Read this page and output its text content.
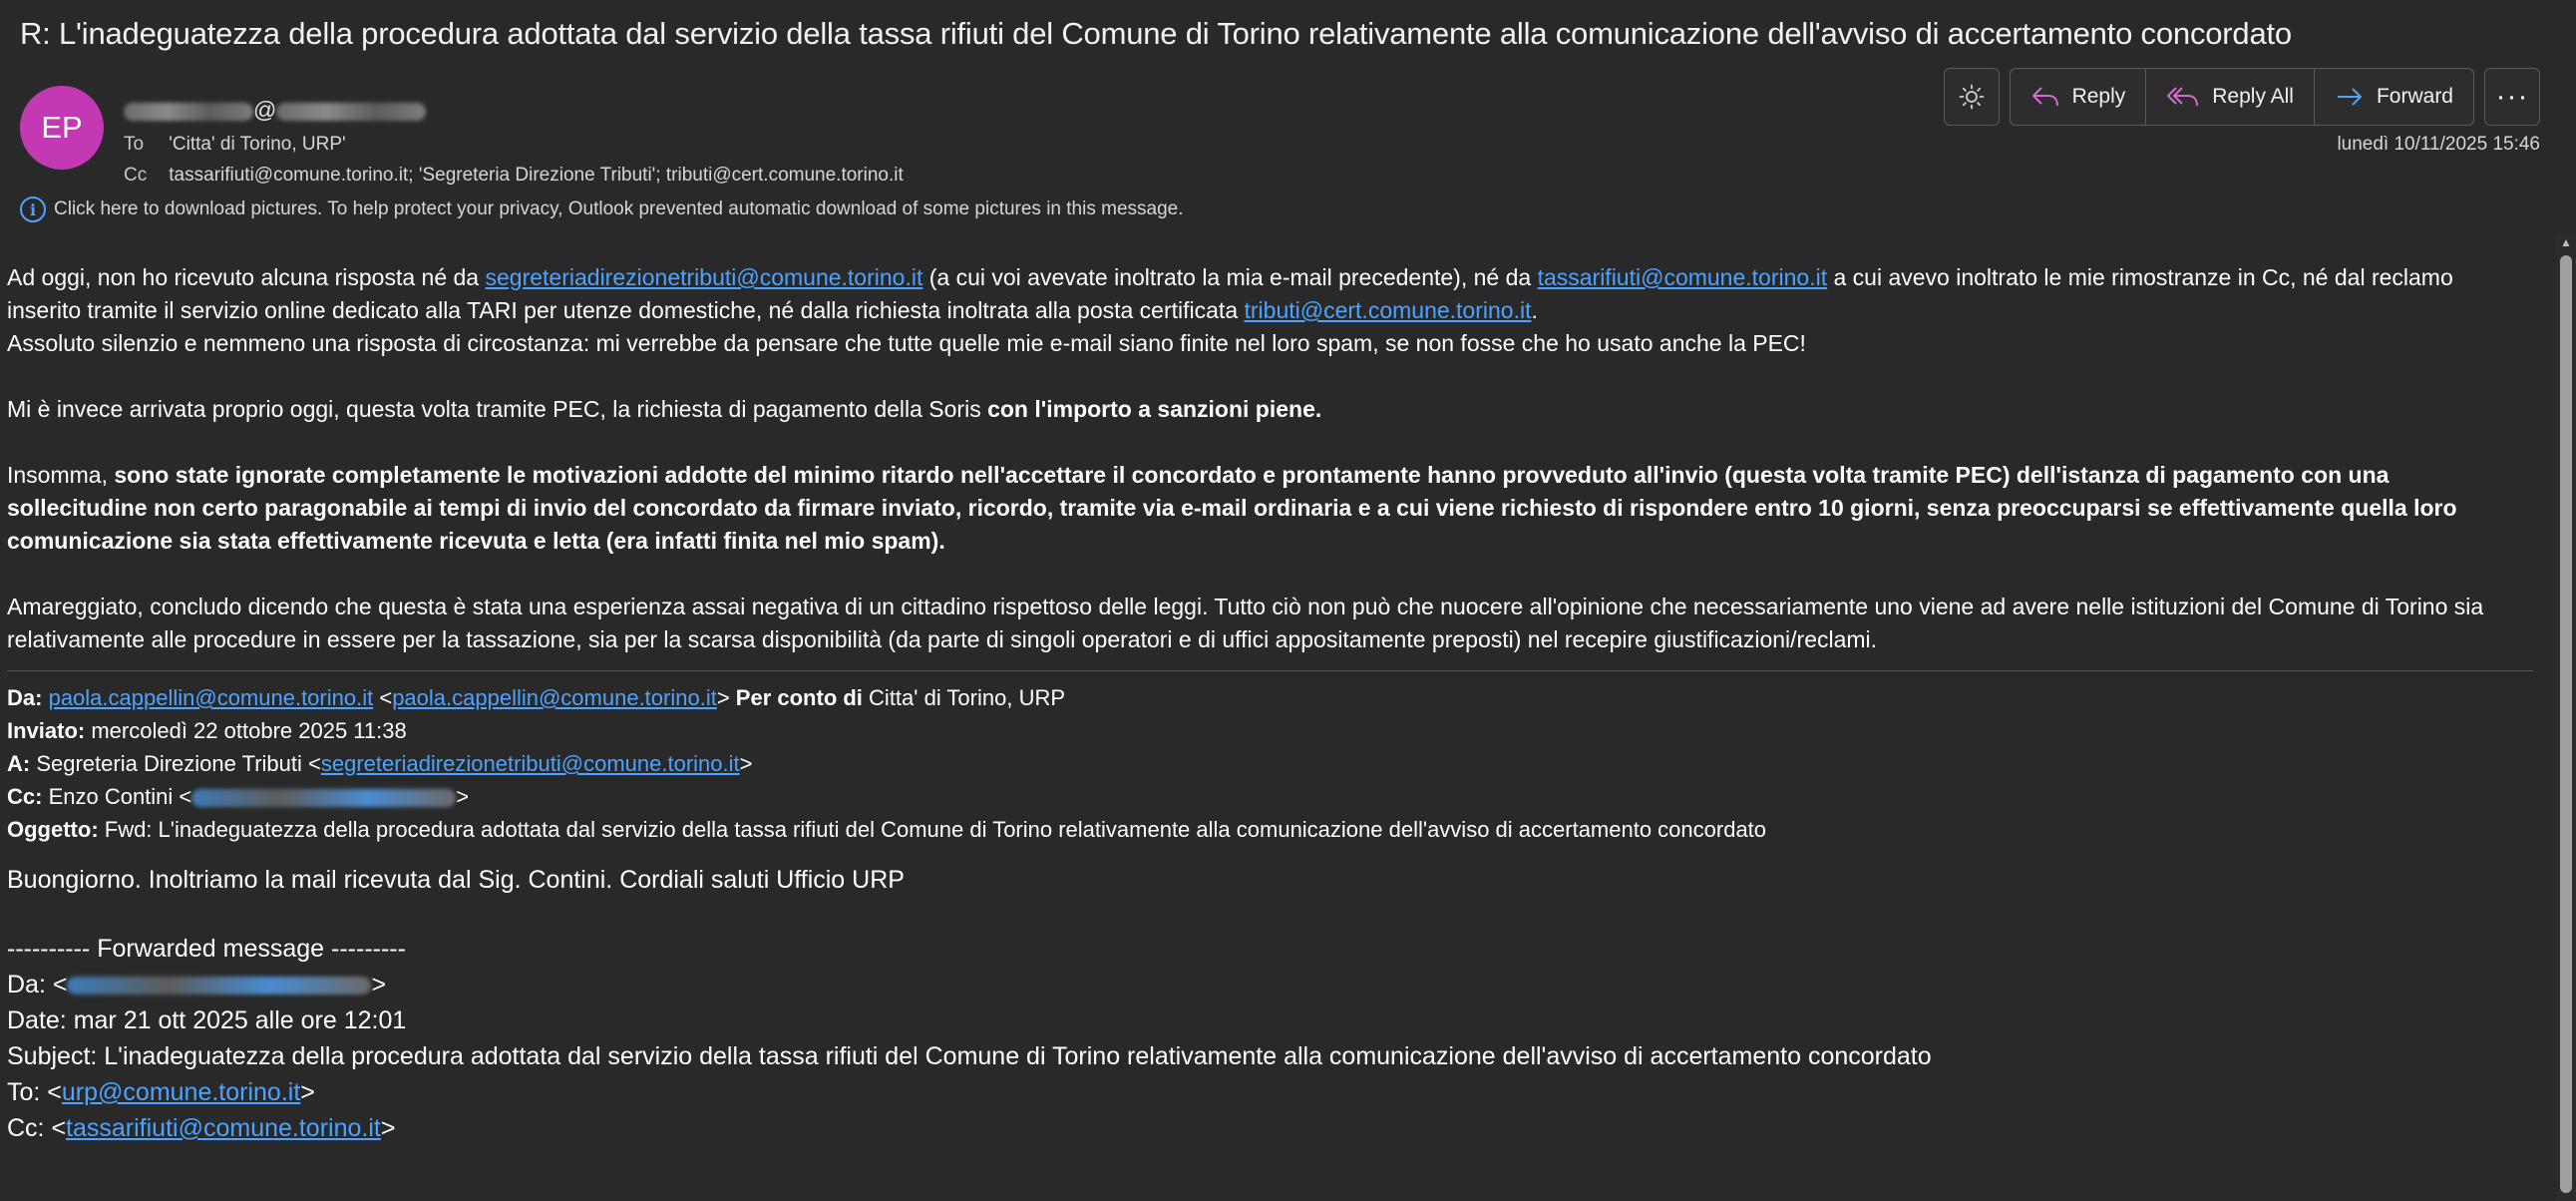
R: L'inadeguatezza della procedura adottata dal servizio della tassa rifiuti del Comune di Torino relativamente alla comunicazione dell'avviso di accertamento concordato
Reply	Reply All	Forward ···
EP	@
To 'Citta' di Torino, URP'
Cc tassarifiuti@comune.torino.it; 'Segreteria Direzione Tributi'; tributi@cert.comune.torino.it
lunedì 10/11/2025 15:46
i Click here to download pictures. To help protect your privacy, Outlook prevented automatic download of some pictures in this message.

Ad oggi, non ho ricevuto alcuna risposta né da segreteriadirezionetributi@comune.torino.it (a cui voi avevate inoltrato la mia e-mail precedente), né da tassarifiuti@comune.torino.it a cui avevo inoltrato le mie rimostranze in Cc, né dal reclamo inserito tramite il servizio online dedicato alla TARI per utenze domestiche, né dalla richiesta inoltrata alla posta certificata tributi@cert.comune.torino.it.

Assoluto silenzio e nemmeno una risposta di circostanza: mi verrebbe da pensare che tutte quelle mie e-mail siano finite nel loro spam, se non fosse che ho usato anche la PEC!

Mi è invece arrivata proprio oggi, questa volta tramite PEC, la richiesta di pagamento della Soris con l'importo a sanzioni piene.

Insomma, sono state ignorate completamente le motivazioni addotte del minimo ritardo nell'accettare il concordato e prontamente hanno provveduto all'invio (questa volta tramite PEC) dell'istanza di pagamento con una sollecitudine non certo paragonabile ai tempi di invio del concordato da firmare inviato, ricordo, tramite via e-mail ordinaria e a cui viene richiesto di rispondere entro 10 giorni, senza preoccuparsi se effettivamente quella loro comunicazione sia stata effettivamente ricevuta e letta (era infatti finita nel mio spam).

Amareggiato, concludo dicendo che questa è stata una esperienza assai negativa di un cittadino rispettoso delle leggi. Tutto ciò non può che nuocere all'opinione che necessariamente uno viene ad avere nelle istituzioni del Comune di Torino sia relativamente alle procedure in essere per la tassazione, sia per la scarsa disponibilità (da parte di singoli operatori e di uffici appositamente preposti) nel recepire giustificazioni/reclami.

Da: paola.cappellin@comune.torino.it <paola.cappellin@comune.torino.it> Per conto di Citta' di Torino, URP
Inviato: mercoledì 22 ottobre 2025 11:38
A: Segreteria Direzione Tributi <segreteriadirezionetributi@comune.torino.it>
Cc: Enzo Contini <	>
Oggetto: Fwd: L'inadeguatezza della procedura adottata dal servizio della tassa rifiuti del Comune di Torino relativamente alla comunicazione dell'avviso di accertamento concordato
Buongiorno. Inoltriamo la mail ricevuta dal Sig. Contini. Cordiali saluti Ufficio URP
---------- Forwarded message ---------
Da: <	>
Date: mar 21 ott 2025 alle ore 12:01
Subject: L'inadeguatezza della procedura adottata dal servizio della tassa rifiuti del Comune di Torino relativamente alla comunicazione dell'avviso di accertamento concordato
To: <urp@comune.torino.it>
Cc: <tassarifiuti@comune.torino.it>
▲
